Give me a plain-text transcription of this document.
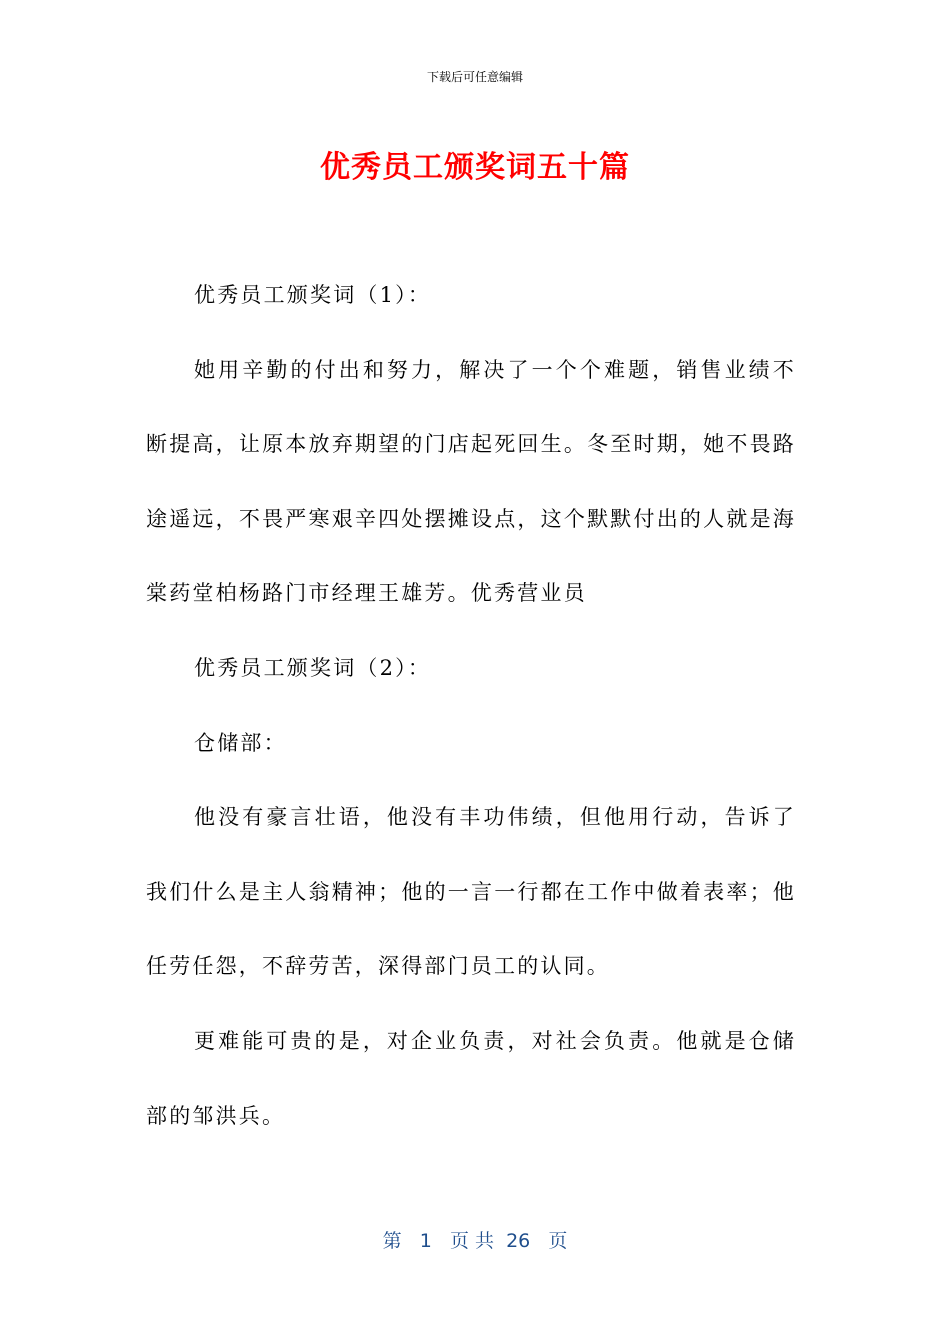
下载后可任意编辑
优秀员工颁奖词五十篇

优秀员工颁奖词（1）：

她用辛勤的付出和努力，解决了一个个难题，销售业绩不断提高，让原本放弃期望的门店起死回生。冬至时期，她不畏路途遥远，不畏严寒艰辛四处摆摊设点，这个默默付出的人就是海棠药堂柏杨路门市经理王雄芳。优秀营业员

优秀员工颁奖词（2）：

仓储部：

他没有豪言壮语，他没有丰功伟绩，但他用行动，告诉了我们什么是主人翁精神；他的一言一行都在工作中做着表率；他任劳任怨，不辞劳苦，深得部门员工的认同。

更难能可贵的是，对企业负责，对社会负责。他就是仓储部的邹洪兵。

第 1 页 共 26 页
